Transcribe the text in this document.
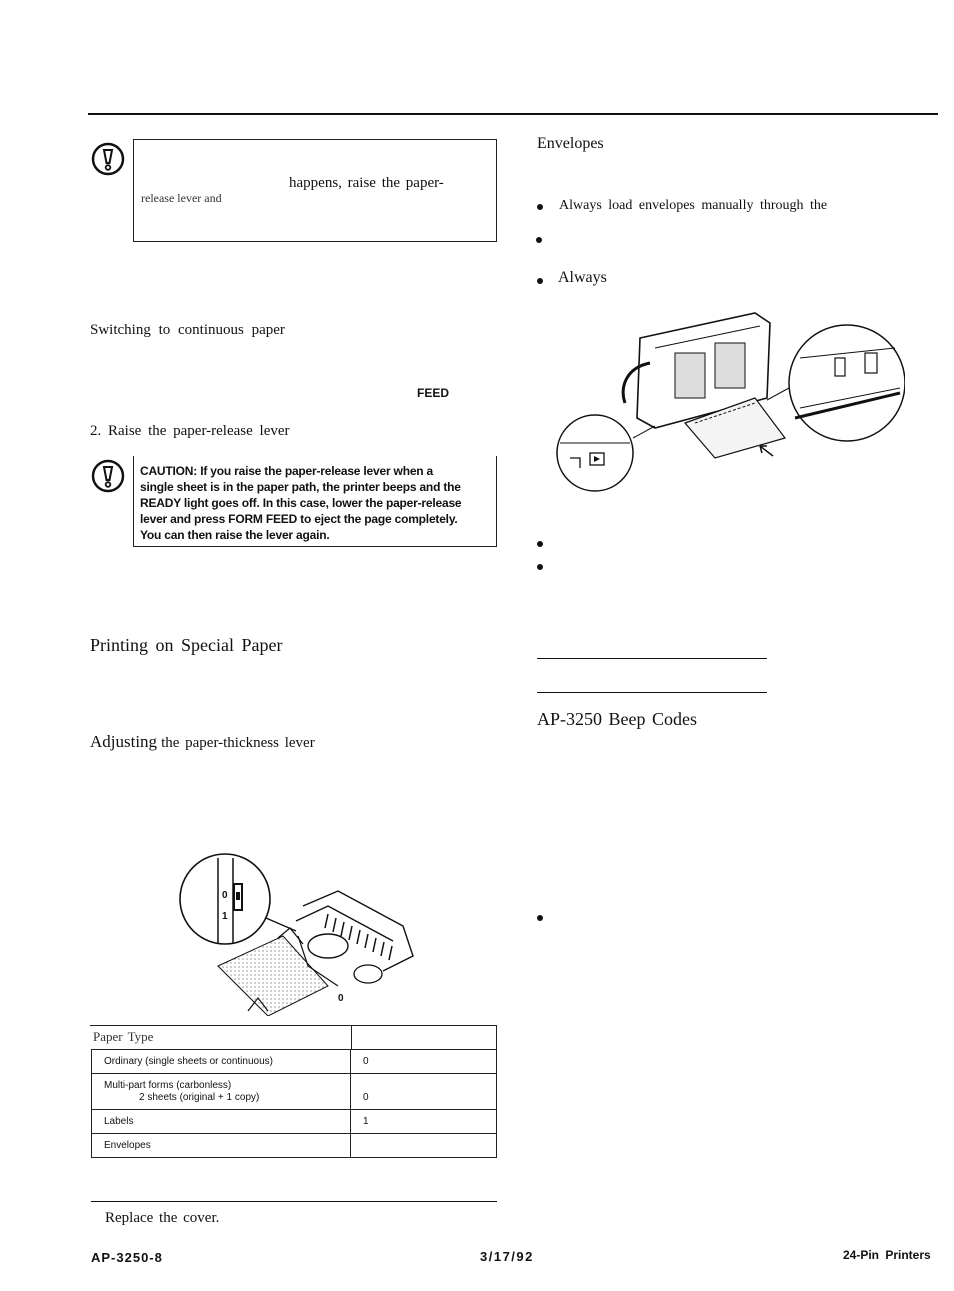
happens, raise the paper-
release lever and
Switching to continuous paper
FEED
2. Raise the paper-release lever
CAUTION: If you raise the paper-release lever when a
single sheet is in the paper path, the printer beeps and the
READY light goes off. In this case, lower the paper-release
lever and press FORM FEED to eject the page completely.
You can then raise the lever again.
Printing on Special Paper
Adjusting the paper-thickness lever
0
1
0
Paper Type
Ordinary (single sheets or continuous)	0

Multi-part forms (carbonless)
2 sheets (original + 1 copy)	0
Labels	1
Envelopes	
Replace the cover.
Envelopes
Always load envelopes manually through the
Always
AP-3250 Beep Codes
AP-3250-8	3/17/92	24-Pin Printers
